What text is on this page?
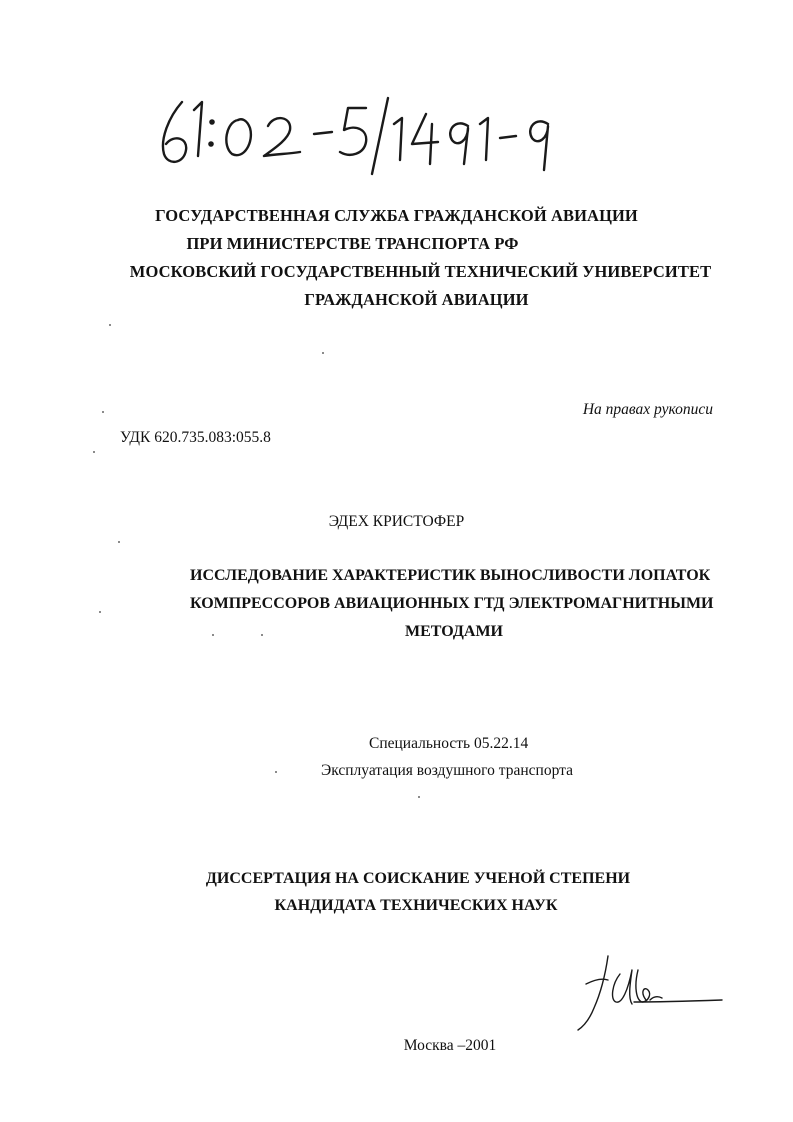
ГОСУДАРСТВЕННАЯ СЛУЖБА ГРАЖДАНСКОЙ АВИАЦИИ
ПРИ МИНИСТЕРСТВЕ ТРАНСПОРТА РФ
МОСКОВСКИЙ ГОСУДАРСТВЕННЫЙ ТЕХНИЧЕСКИЙ УНИВЕРСИТЕТ
ГРАЖДАНСКОЙ АВИАЦИИ
На правах рукописи
УДК 620.735.083:055.8
ЭДЕХ КРИСТОФЕР
ИССЛЕДОВАНИЕ ХАРАКТЕРИСТИК ВЫНОСЛИВОСТИ ЛОПАТОК
КОМПРЕССОРОВ АВИАЦИОННЫХ ГТД ЭЛЕКТРОМАГНИТНЫМИ
МЕТОДАМИ
Специальность 05.22.14
Эксплуатация воздушного транспорта
ДИССЕРТАЦИЯ НА СОИСКАНИЕ УЧЕНОЙ СТЕПЕНИ
КАНДИДАТА ТЕХНИЧЕСКИХ НАУК
Москва –2001
